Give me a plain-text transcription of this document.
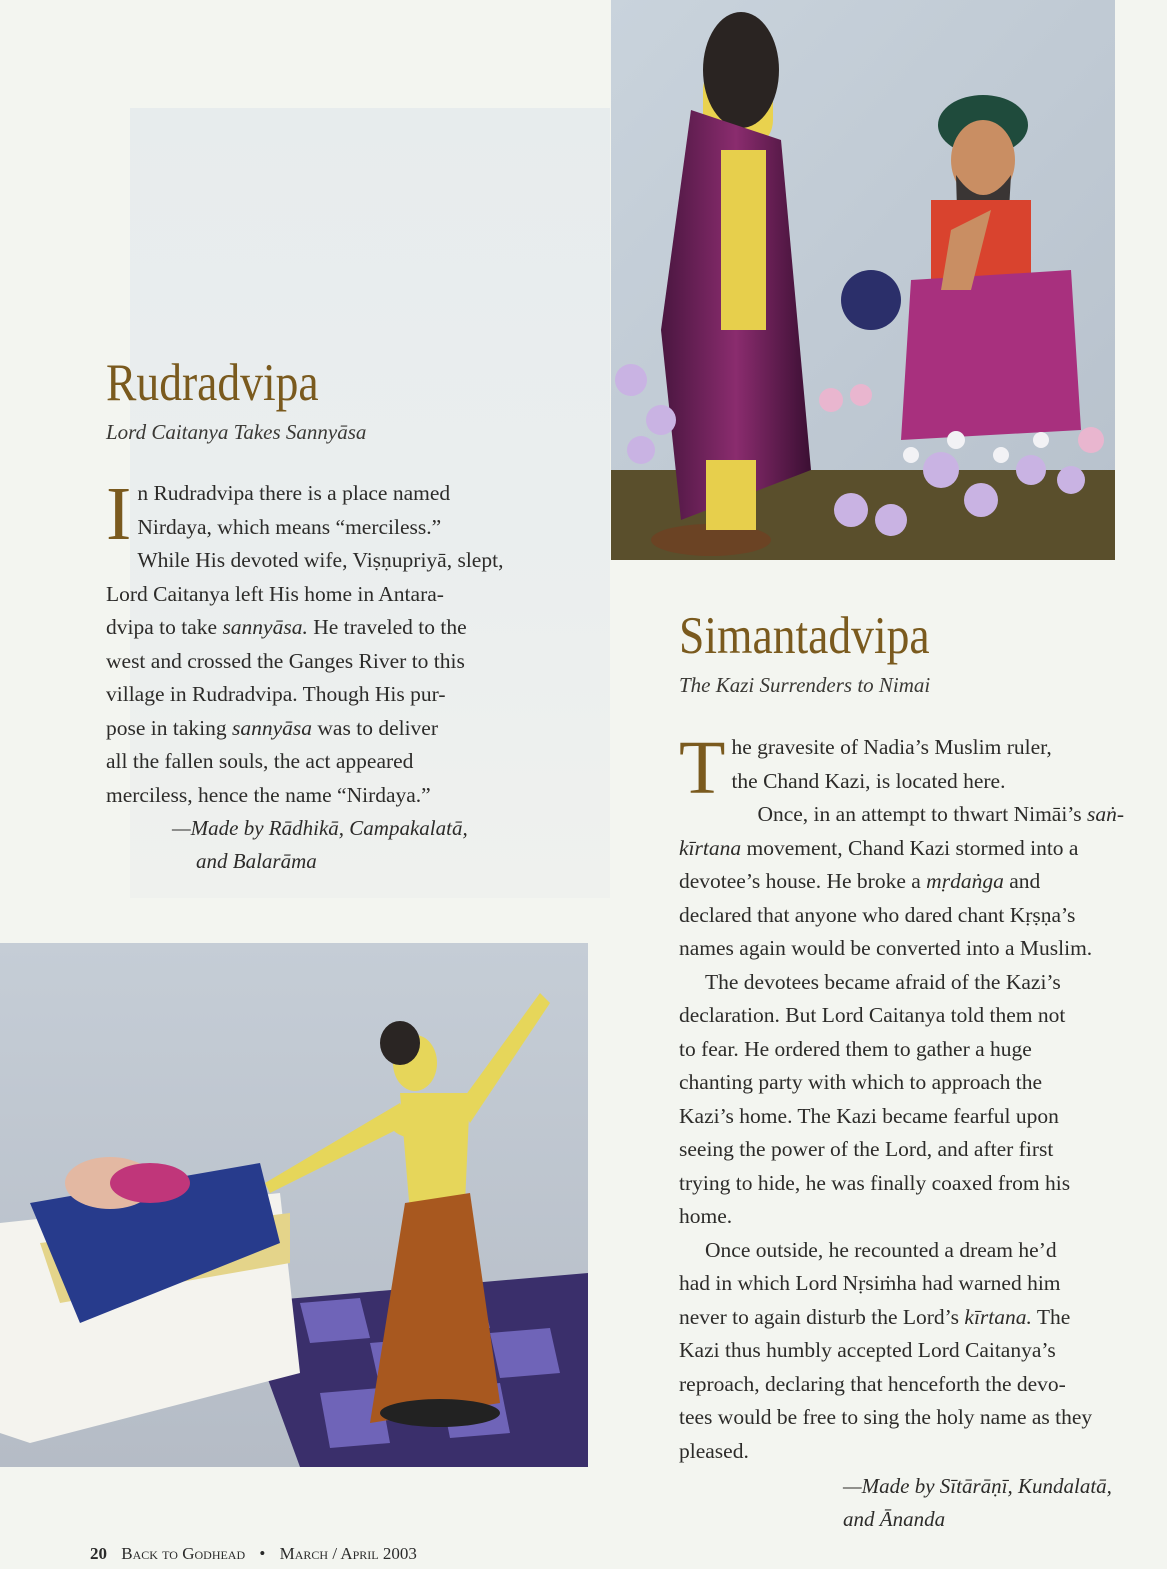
Rudradvipa
Lord Caitanya Takes Sannyāsa
I n Rudradvipa there is a place named
Nirdaya, which means “merciless.”
While His devoted wife, Viṣṇupriyā, slept,
Lord Caitanya left His home in Antara-
dvipa to take sannyāsa. He traveled to the
west and crossed the Ganges River to this
village in Rudradvipa. Though His pur-
pose in taking sannyāsa was to deliver
all the fallen souls, the act appeared
merciless, hence the name “Nirdaya.”
—Made by Rādhikā, Campakalatā,
and Balarāma
Simantadvipa
The Kazi Surrenders to Nimai
T he gravesite of Nadia’s Muslim ruler,
the Chand Kazi, is located here.
Once, in an attempt to thwart Nimāi’s saṅ-
kīrtana movement, Chand Kazi stormed into a
devotee’s house. He broke a mṛdaṅga and
declared that anyone who dared chant Kṛṣṇa’s
names again would be converted into a Muslim.
The devotees became afraid of the Kazi’s
declaration. But Lord Caitanya told them not
to fear. He ordered them to gather a huge
chanting party with which to approach the
Kazi’s home. The Kazi became fearful upon
seeing the power of the Lord, and after first
trying to hide, he was finally coaxed from his
home.
Once outside, he recounted a dream he’d
had in which Lord Nṛsiṁha had warned him
never to again disturb the Lord’s kīrtana. The
Kazi thus humbly accepted Lord Caitanya’s
reproach, declaring that henceforth the devo-
tees would be free to sing the holy name as they
pleased.
—Made by Sītārāṇī, Kundalatā,
and Ānanda
20 Back to Godhead • March / April 2003
